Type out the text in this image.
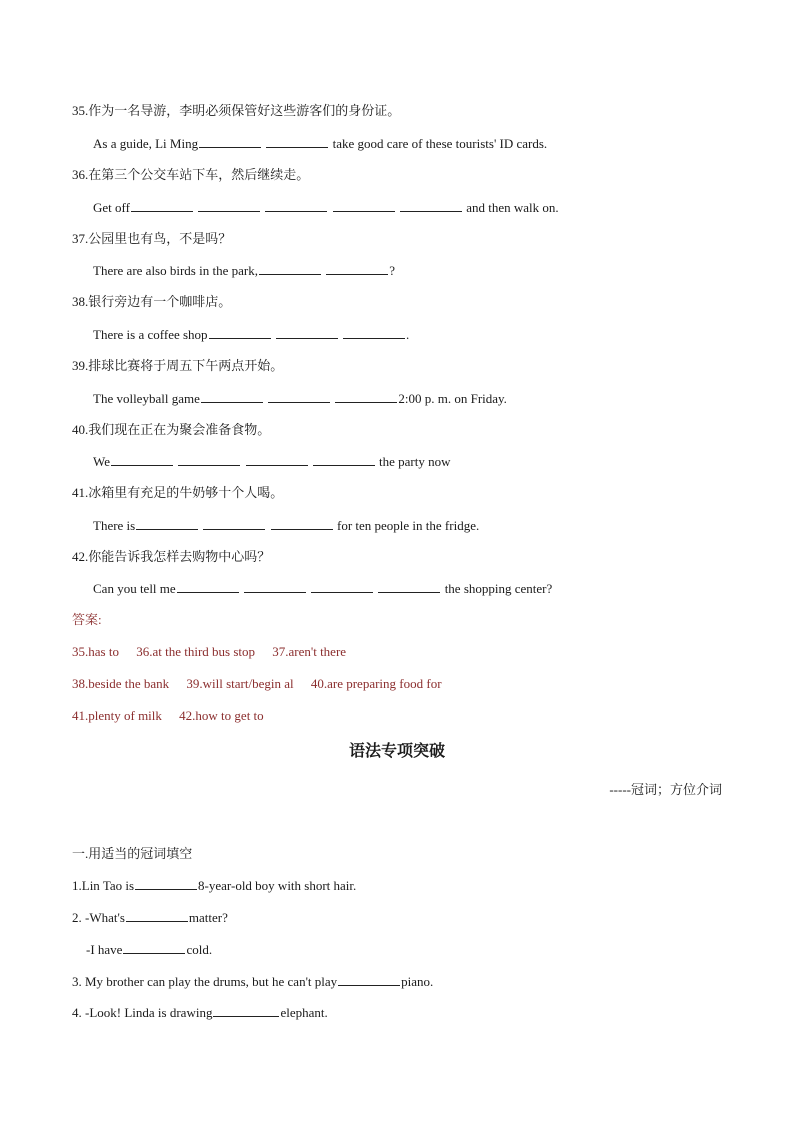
35.作为一名导游，李明必须保管好这些游客们的身份证。
As a guide, Li Ming	take good care of these tourists' ID cards.
36.在第三个公交车站下车，然后继续走。
Get off	and then walk on.
37.公园里也有鸟，不是吗？
There are also birds in the park,	?
38.银行旁边有一个咖啡店。
There is a coffee shop	.
39.排球比赛将于周五下午两点开始。
The volleyball game	2:00 p. m. on Friday.
40.我们现在正在为聚会准备食物。
We	the party now
41.冰箱里有充足的牛奶够十个人喝。
There is	for ten people in the fridge.
42.你能告诉我怎样去购物中心吗？
Can you tell me	the shopping center?
答案:
35.has to 36.at the third bus stop 37.aren't there
38.beside the bank 39.will start/begin al 40.are preparing food for
41.plenty of milk 42.how to get to
语法专项突破
-----冠词；方位介词
一.用适当的冠词填空
1.Lin Tao is	8-year-old boy with short hair.
2. -What's	matter?
-I have	cold.
3. My brother can play the drums, but he can't play	piano.
4. -Look! Linda is drawing	elephant.
